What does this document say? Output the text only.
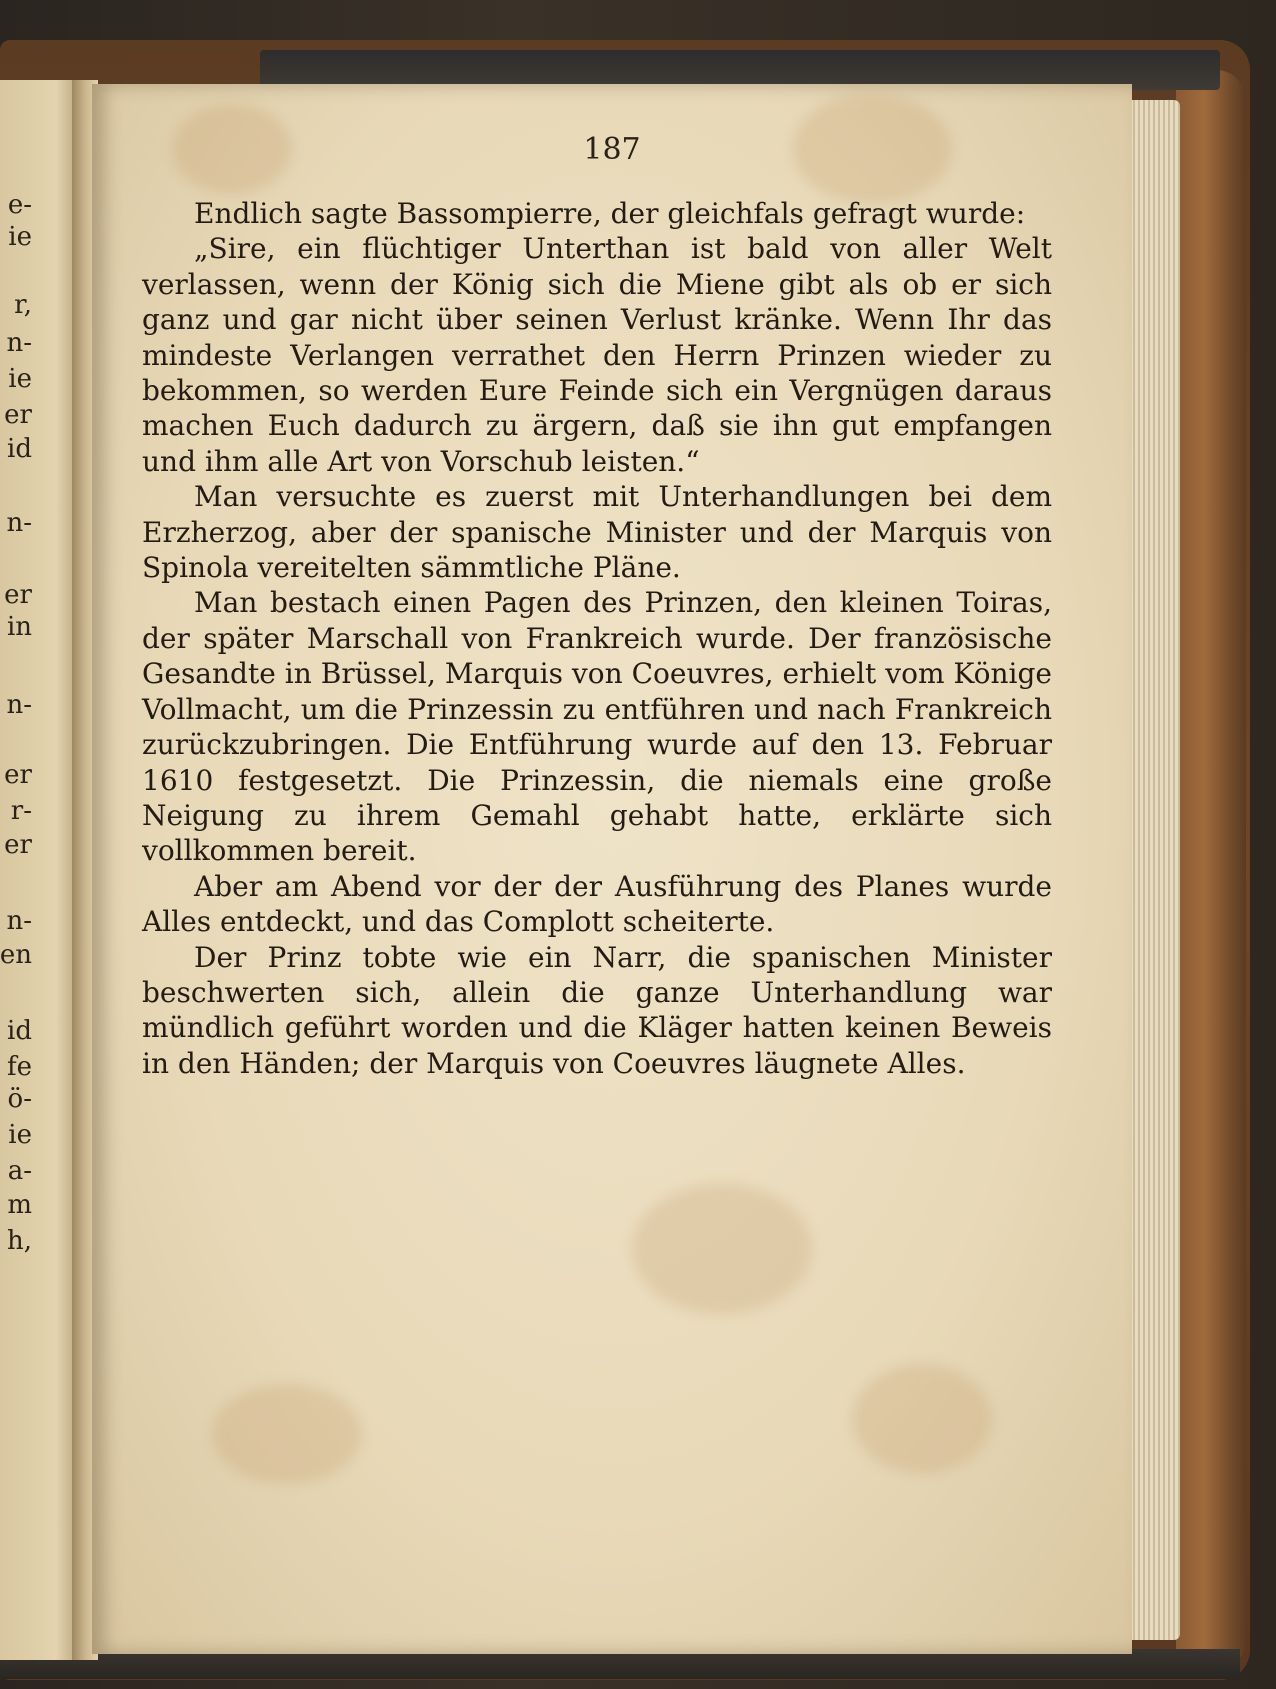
e-
ie
r,
n-
ie
er
id
n-
er
in
n-
er
r-
er
n-
en
id
fe
ö-
ie
a-
m
h,
187

Endlich sagte Bassompierre, der gleichfals gefragt wurde:

„Sire, ein flüchtiger Unterthan ist bald von aller Welt verlassen, wenn der König sich die Miene gibt als ob er sich ganz und gar nicht über seinen Verlust kränke. Wenn Ihr das mindeste Verlangen verrathet den Herrn Prinzen wieder zu bekommen, so werden Eure Feinde sich ein Vergnügen daraus machen Euch dadurch zu ärgern, daß sie ihn gut empfangen und ihm alle Art von Vorschub leisten.“

Man versuchte es zuerst mit Unterhandlungen bei dem Erzherzog, aber der spanische Minister und der Marquis von Spinola vereitelten sämmtliche Pläne.

Man bestach einen Pagen des Prinzen, den kleinen Toiras, der später Marschall von Frankreich wurde. Der französische Gesandte in Brüssel, Marquis von Coeuvres, erhielt vom Könige Vollmacht, um die Prinzessin zu entführen und nach Frankreich zurückzubringen. Die Entführung wurde auf den 13. Februar 1610 festgesetzt. Die Prinzessin, die niemals eine große Neigung zu ihrem Gemahl gehabt hatte, erklärte sich vollkommen bereit.

Aber am Abend vor der der Ausführung des Planes wurde Alles entdeckt, und das Complott scheiterte.

Der Prinz tobte wie ein Narr, die spanischen Minister beschwerten sich, allein die ganze Unterhandlung war mündlich geführt worden und die Kläger hatten keinen Beweis in den Händen; der Marquis von Coeuvres läugnete Alles.
